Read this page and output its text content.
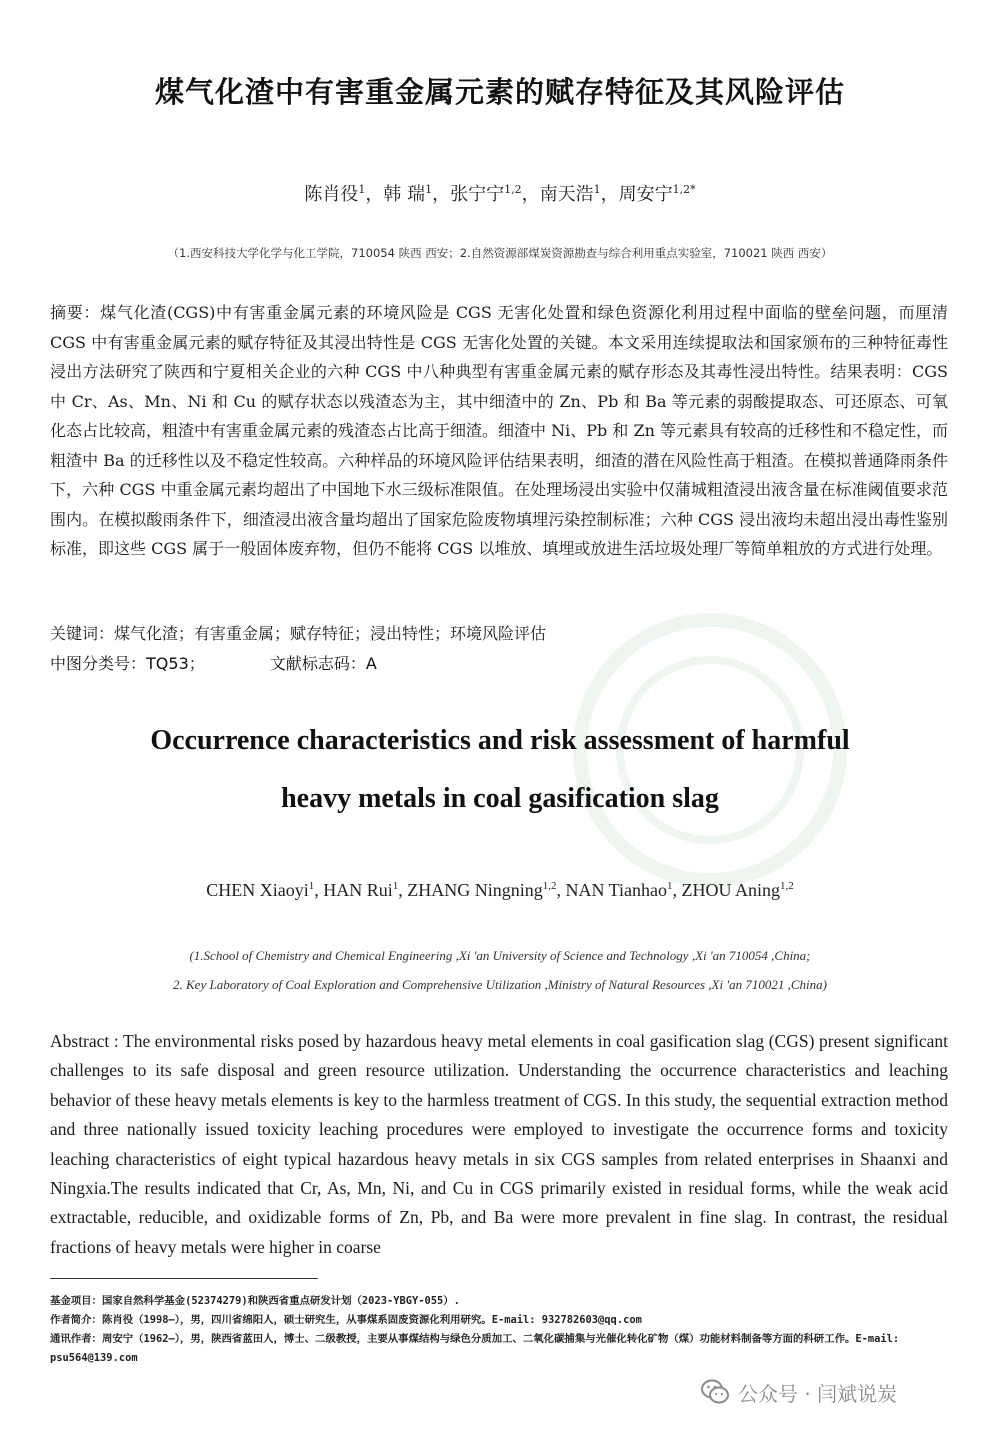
煤气化渣中有害重金属元素的赋存特征及其风险评估
陈肖役$^1$，韩 瑞$^1$，张宁宁$^{1,2}$，南天浩$^1$，周安宁$^{1,2*}$
（1.西安科技大学化学与化工学院，710054 陕西 西安；2.自然资源部煤炭资源勘查与综合利用重点实验室，710021 陕西 西安）
摘要：煤气化渣(CGS)中有害重金属元素的环境风险是 CGS 无害化处置和绿色资源化利用过程中面临的壁垒问题，而厘清 CGS 中有害重金属元素的赋存特征及其浸出特性是 CGS 无害化处置的关键。本文采用连续提取法和国家颁布的三种特征毒性浸出方法研究了陕西和宁夏相关企业的六种 CGS 中八种典型有害重金属元素的赋存形态及其毒性浸出特性。结果表明：CGS 中 Cr、As、Mn、Ni 和 Cu 的赋存状态以残渣态为主，其中细渣中的 Zn、Pb 和 Ba 等元素的弱酸提取态、可还原态、可氧化态占比较高，粗渣中有害重金属元素的残渣态占比高于细渣。细渣中 Ni、Pb 和 Zn 等元素具有较高的迁移性和不稳定性，而粗渣中 Ba 的迁移性以及不稳定性较高。六种样品的环境风险评估结果表明，细渣的潜在风险性高于粗渣。在模拟普通降雨条件下，六种 CGS 中重金属元素均超出了中国地下水三级标准限值。在处理场浸出实验中仅蒲城粗渣浸出液含量在标准阈值要求范围内。在模拟酸雨条件下，细渣浸出液含量均超出了国家危险废物填埋污染控制标准；六种 CGS 浸出液均未超出浸出毒性鉴别标准，即这些 CGS 属于一般固体废弃物，但仍不能将 CGS 以堆放、填埋或放进生活垃圾处理厂等简单粗放的方式进行处理。
关键词：煤气化渣；有害重金属；赋存特征；浸出特性；环境风险评估
中图分类号：TQ53；	文献标志码：A
Occurrence characteristics and risk assessment of harmful
heavy metals in coal gasification slag
CHEN Xiaoyi$^1$, HAN Rui$^1$, ZHANG Ningning$^{1,2}$, NAN Tianhao$^1$, ZHOU Aning$^{1,2}$
(1.School of Chemistry and Chemical Engineering ,Xi 'an University of Science and Technology ,Xi 'an 710054 ,China;
2. Key Laboratory of Coal Exploration and Comprehensive Utilization ,Ministry of Natural Resources ,Xi 'an 710021 ,China)
Abstract : The environmental risks posed by hazardous heavy metal elements in coal gasification slag (CGS) present significant challenges to its safe disposal and green resource utilization. Understanding the occurrence characteristics and leaching behavior of these heavy metals elements is key to the harmless treatment of CGS. In this study, the sequential extraction method and three nationally issued toxicity leaching procedures were employed to investigate the occurrence forms and toxicity leaching characteristics of eight typical hazardous heavy metals in six CGS samples from related enterprises in Shaanxi and Ningxia.The results indicated that Cr, As, Mn, Ni, and Cu in CGS primarily existed in residual forms, while the weak acid extractable, reducible, and oxidizable forms of Zn, Pb, and Ba were more prevalent in fine slag. In contrast, the residual fractions of heavy metals were higher in coarse

基金项目：国家自然科学基金(52374279)和陕西省重点研发计划（2023-YBGY-055）.

作者简介：陈肖役（1998—），男，四川省绵阳人，硕士研究生，从事煤系固废资源化利用研究。E-mail: 932782603@qq.com

通讯作者：周安宁（1962—），男，陕西省蓝田人，博士、二级教授，主要从事煤结构与绿色分质加工、二氧化碳捕集与光催化转化矿物（煤）功能材料制备等方面的科研工作。E-mail: psu564@139.com

公众号 · 闫斌说炭
